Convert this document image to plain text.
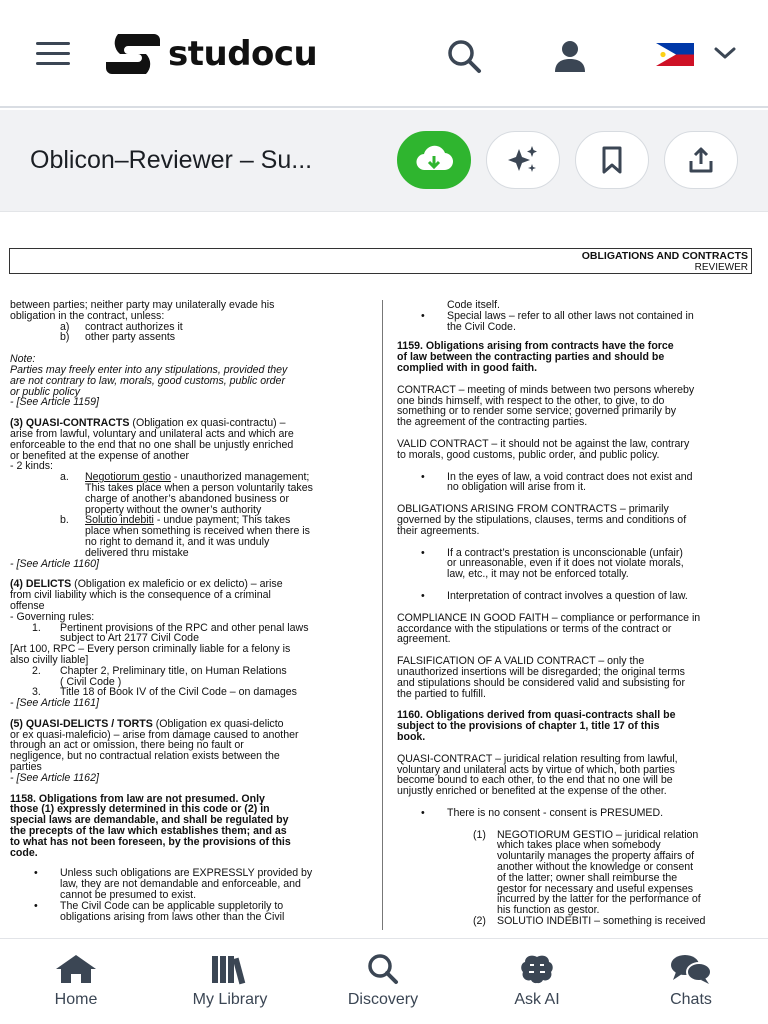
studocu
Oblicon–Reviewer – Su...
OBLIGATIONS AND CONTRACTS
REVIEWER

between parties; neither party may unilaterally evade his

obligation in the contract, unless:

a) contract authorizes it

b) other party assents

Note:

Parties may freely enter into any stipulations, provided they

are not contrary to law, morals, good customs, public order

or public policy

- [See Article 1159]

(3) QUASI-CONTRACTS (Obligation ex quasi-contractu) –

arise from lawful, voluntary and unilateral acts and which are

enforceable to the end that no one shall be unjustly enriched

or benefited at the expense of another

- 2 kinds:

a. Negotiorum gestio - unauthorized management;

This takes place when a person voluntarily takes

charge of another’s abandoned business or

property without the owner’s authority

b. Solutio indebiti - undue payment; This takes

place when something is received when there is

no right to demand it, and it was unduly

delivered thru mistake

- [See Article 1160]

(4) DELICTS (Obligation ex maleficio or ex delicto) – arise

from civil liability which is the consequence of a criminal

offense

- Governing rules:

1. Pertinent provisions of the RPC and other penal laws

subject to Art 2177 Civil Code

[Art 100, RPC – Every person criminally liable for a felony is

also civilly liable]

2. Chapter 2, Preliminary title, on Human Relations

( Civil Code )

3. Title 18 of Book IV of the Civil Code – on damages

- [See Article 1161]

(5) QUASI-DELICTS / TORTS (Obligation ex quasi-delicto

or ex quasi-maleficio) – arise from damage caused to another

through an act or omission, there being no fault or

negligence, but no contractual relation exists between the

parties

- [See Article 1162]

1158. Obligations from law are not presumed. Only

those (1) expressly determined in this code or (2) in

special laws are demandable, and shall be regulated by

the precepts of the law which establishes them; and as

to what has not been foreseen, by the provisions of this

code.

• Unless such obligations are EXPRESSLY provided by

law, they are not demandable and enforceable, and

cannot be presumed to exist.

• The Civil Code can be applicable suppletorily to

obligations arising from laws other than the Civil

Code itself.

• Special laws – refer to all other laws not contained in

the Civil Code.

1159. Obligations arising from contracts have the force

of law between the contracting parties and should be

complied with in good faith.

CONTRACT – meeting of minds between two persons whereby

one binds himself, with respect to the other, to give, to do

something or to render some service; governed primarily by

the agreement of the contracting parties.

VALID CONTRACT – it should not be against the law, contrary

to morals, good customs, public order, and public policy.

• In the eyes of law, a void contract does not exist and

no obligation will arise from it.

OBLIGATIONS ARISING FROM CONTRACTS – primarily

governed by the stipulations, clauses, terms and conditions of

their agreements.

• If a contract’s prestation is unconscionable (unfair)

or unreasonable, even if it does not violate morals,

law, etc., it may not be enforced totally.

• Interpretation of contract involves a question of law.

COMPLIANCE IN GOOD FAITH – compliance or performance in

accordance with the stipulations or terms of the contract or

agreement.

FALSIFICATION OF A VALID CONTRACT – only the

unauthorized insertions will be disregarded; the original terms

and stipulations should be considered valid and subsisting for

the partied to fulfill.

1160. Obligations derived from quasi-contracts shall be

subject to the provisions of chapter 1, title 17 of this

book.

QUASI-CONTRACT – juridical relation resulting from lawful,

voluntary and unilateral acts by virtue of which, both parties

become bound to each other, to the end that no one will be

unjustly enriched or benefited at the expense of the other.

• There is no consent - consent is PRESUMED.

(1) NEGOTIORUM GESTIO – juridical relation

which takes place when somebody

voluntarily manages the property affairs of

another without the knowledge or consent

of the latter; owner shall reimburse the

gestor for necessary and useful expenses

incurred by the latter for the performance of

his function as gestor.

(2) SOLUTIO INDEBITI – something is received

Home	My Library	Discovery	Ask AI	Chats
